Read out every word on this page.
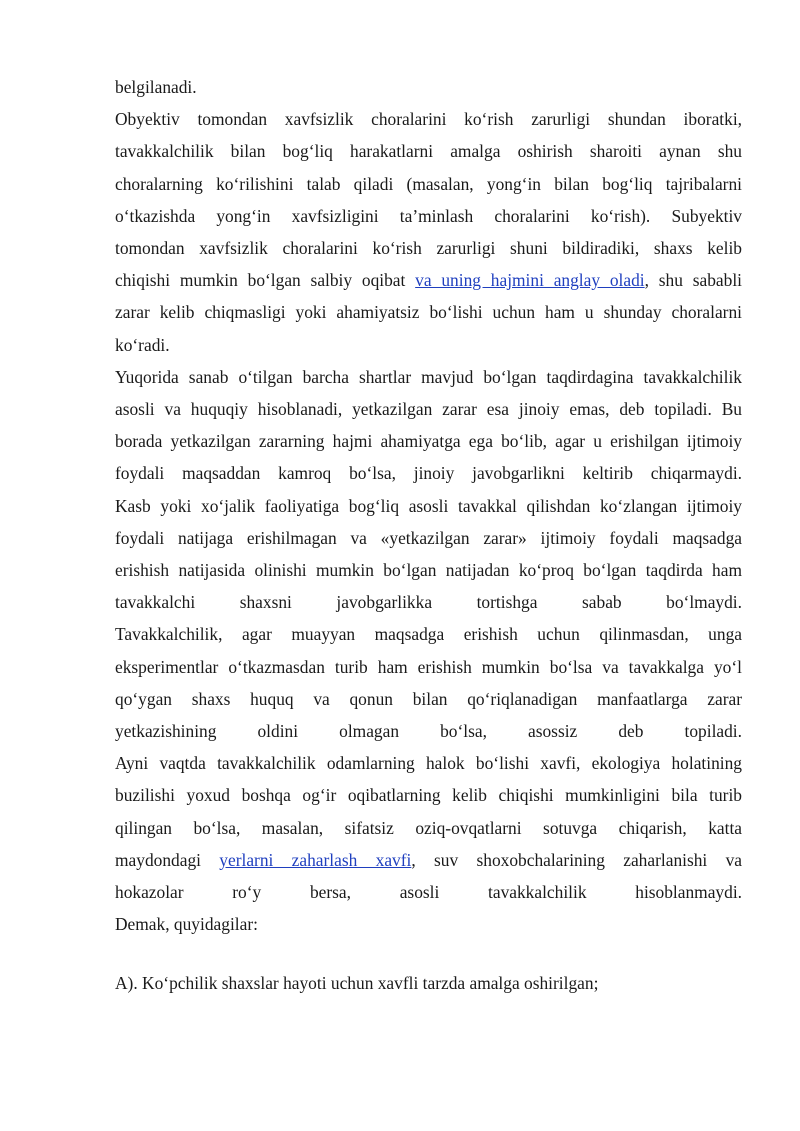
belgilanadi.
Obyektiv tomondan xavfsizlik choralarini ko‘rish zarurligi shundan iboratki,
tavakkalchilik bilan bog‘liq harakatlarni amalga oshirish sharoiti aynan shu
choralarning ko‘rilishini talab qiladi (masalan, yong‘in bilan bog‘liq tajribalarni
o‘tkazishda yong‘in xavfsizligini ta’minlash choralarini ko‘rish). Subyektiv
tomondan xavfsizlik choralarini ko‘rish zarurligi shuni bildiradiki, shaxs kelib
chiqishi mumkin bo‘lgan salbiy oqibat va uning hajmini anglay oladi, shu sababli
zarar kelib chiqmasligi yoki ahamiyatsiz bo‘lishi uchun ham u shunday choralarni
ko‘radi.
Yuqorida sanab o‘tilgan barcha shartlar mavjud bo‘lgan taqdirdagina tavakkalchilik
asosli va huquqiy hisoblanadi, yetkazilgan zarar esa jinoiy emas, deb topiladi. Bu
borada yetkazilgan zararning hajmi ahamiyatga ega bo‘lib, agar u erishilgan ijtimoiy
foydali maqsaddan kamroq bo‘lsa, jinoiy javobgarlikni keltirib chiqarmaydi.
Kasb yoki xo‘jalik faoliyatiga bog‘liq asosli tavakkal qilishdan ko‘zlangan ijtimoiy
foydali natijaga erishilmagan va «yetkazilgan zarar» ijtimoiy foydali maqsadga
erishish natijasida olinishi mumkin bo‘lgan natijadan ko‘proq bo‘lgan taqdirda ham
tavakkalchi shaxsni javobgarlikka tortishga sabab bo‘lmaydi.
Tavakkalchilik, agar muayyan maqsadga erishish uchun qilinmasdan, unga
eksperimentlar o‘tkazmasdan turib ham erishish mumkin bo‘lsa va tavakkalga yo‘l
qo‘ygan shaxs huquq va qonun bilan qo‘riqlanadigan manfaatlarga zarar
yetkazishining oldini olmagan bo‘lsa, asossiz deb topiladi.
Ayni vaqtda tavakkalchilik odamlarning halok bo‘lishi xavfi, ekologiya holatining
buzilishi yoxud boshqa og‘ir oqibatlarning kelib chiqishi mumkinligini bila turib
qilingan bo‘lsa, masalan, sifatsiz oziq-ovqatlarni sotuvga chiqarish, katta
maydondagi yerlarni zaharlash xavfi, suv shoxobchalarining zaharlanishi va
hokazolar ro‘y bersa, asosli tavakkalchilik hisoblanmaydi.
Demak, quyidagilar:
A). Ko‘pchilik shaxslar hayoti uchun xavfli tarzda amalga oshirilgan;
